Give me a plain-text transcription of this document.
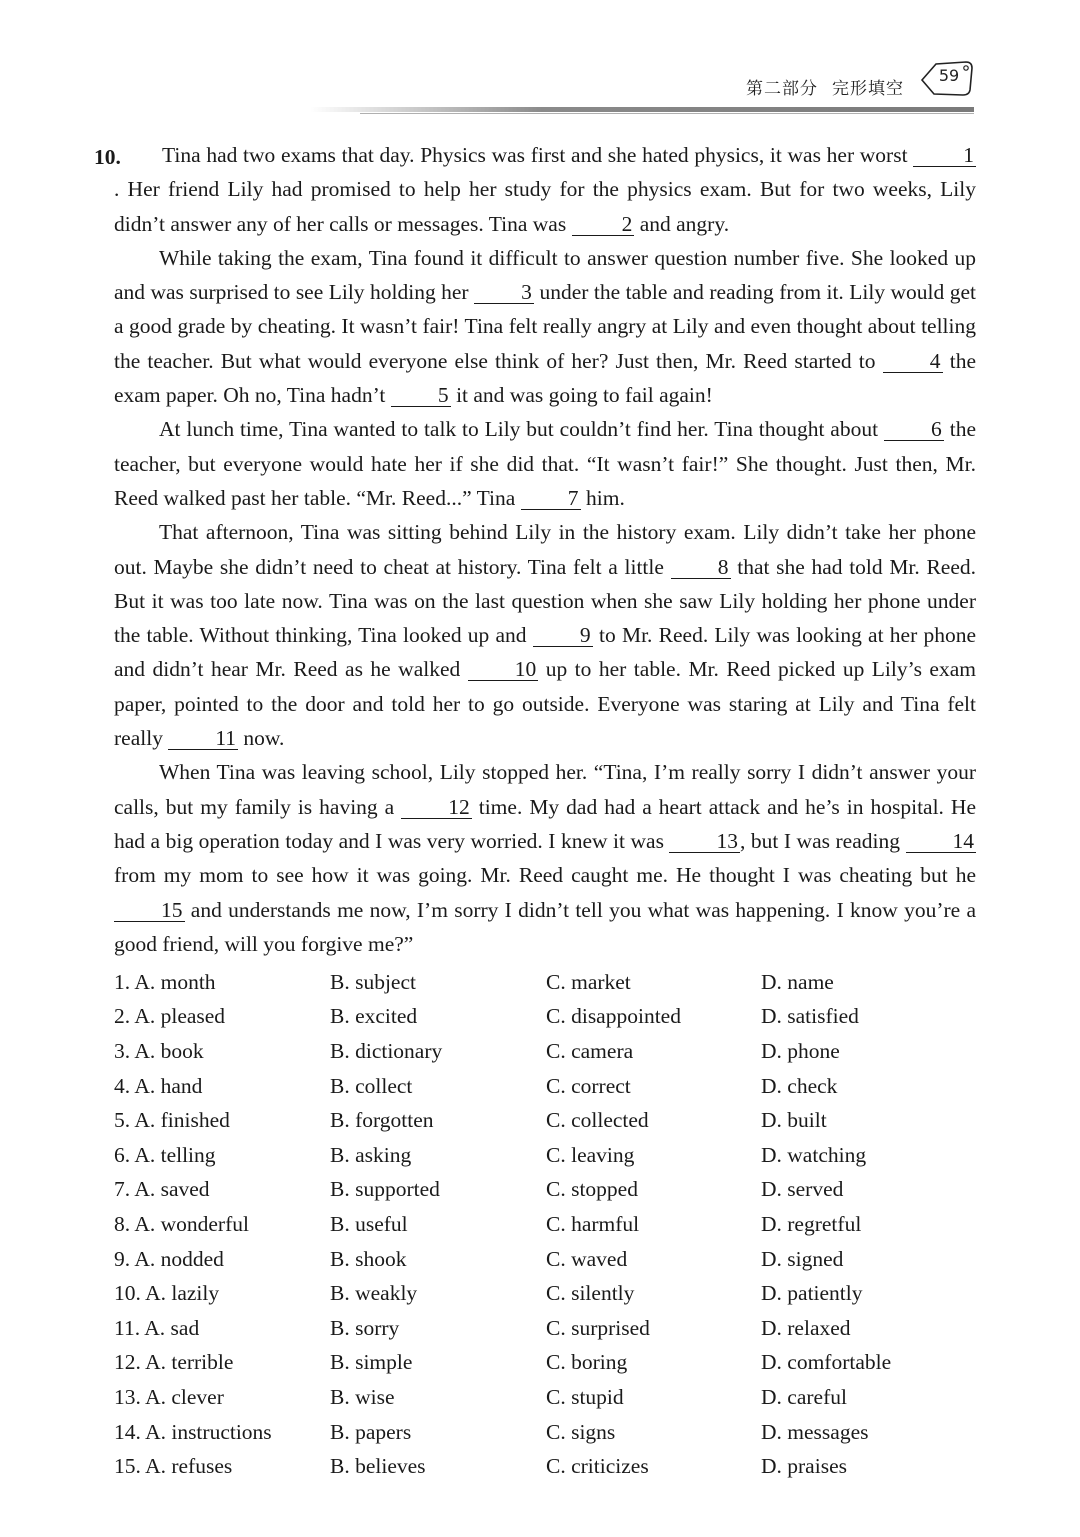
第二部分 完形填空
59
10.	Tina had two exams that day. Physics was first and she hated physics, it was her worst 1. Her friend Lily had promised to help her study for the physics exam. But for two weeks, Lily didn’t answer any of her calls or messages. Tina was 2 and angry.

While taking the exam, Tina found it difficult to answer question number five. She looked up and was surprised to see Lily holding her 3 under the table and reading from it. Lily would get a good grade by cheating. It wasn’t fair! Tina felt really angry at Lily and even thought about telling the teacher. But what would everyone else think of her? Just then, Mr. Reed started to 4 the exam paper. Oh no, Tina hadn’t 5 it and was going to fail again!

At lunch time, Tina wanted to talk to Lily but couldn’t find her. Tina thought about 6 the teacher, but everyone would hate her if she did that. “It wasn’t fair!” She thought. Just then, Mr. Reed walked past her table. “Mr. Reed...” Tina 7 him.

That afternoon, Tina was sitting behind Lily in the history exam. Lily didn’t take her phone out. Maybe she didn’t need to cheat at history. Tina felt a little 8 that she had told Mr. Reed. But it was too late now. Tina was on the last question when she saw Lily holding her phone under the table. Without thinking, Tina looked up and 9 to Mr. Reed. Lily was looking at her phone and didn’t hear Mr. Reed as he walked 10 up to her table. Mr. Reed picked up Lily’s exam paper, pointed to the door and told her to go outside. Everyone was staring at Lily and Tina felt really 11 now.

When Tina was leaving school, Lily stopped her. “Tina, I’m really sorry I didn’t answer your calls, but my family is having a 12 time. My dad had a heart attack and he’s in hospital. He had a big operation today and I was very worried. I knew it was 13, but I was reading 14 from my mom to see how it was going. Mr. Reed caught me. He thought I was cheating but he 15 and understands me now, I’m sorry I didn’t tell you what was happening. I know you’re a good friend, will you forgive me?”

1. A. month	B. subject	C. market	D. name
2. A. pleased	B. excited	C. disappointed	D. satisfied
3. A. book	B. dictionary	C. camera	D. phone
4. A. hand	B. collect	C. correct	D. check
5. A. finished	B. forgotten	C. collected	D. built
6. A. telling	B. asking	C. leaving	D. watching
7. A. saved	B. supported	C. stopped	D. served
8. A. wonderful	B. useful	C. harmful	D. regretful
9. A. nodded	B. shook	C. waved	D. signed
10. A. lazily	B. weakly	C. silently	D. patiently
11. A. sad	B. sorry	C. surprised	D. relaxed
12. A. terrible	B. simple	C. boring	D. comfortable
13. A. clever	B. wise	C. stupid	D. careful
14. A. instructions	B. papers	C. signs	D. messages
15. A. refuses	B. believes	C. criticizes	D. praises
